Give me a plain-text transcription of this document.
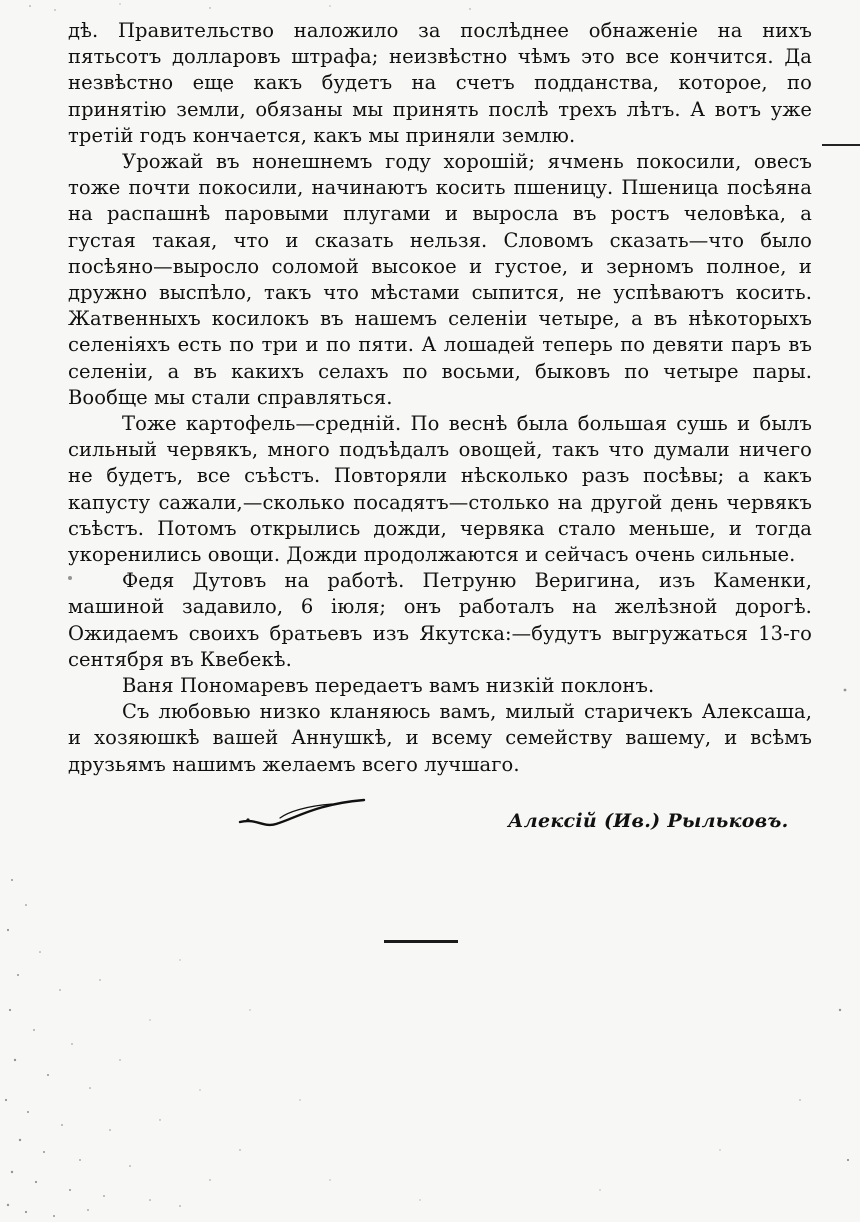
дѣ. Правительство наложило за послѣднее обнаженіе на нихъ пятьсотъ долларовъ штрафа; неизвѣстно чѣмъ это все кончится. Да незвѣстно еще какъ будетъ на счетъ подданства, которое, по принятію земли, обязаны мы принять послѣ трехъ лѣтъ. А вотъ уже третій годъ кончается, какъ мы приняли землю.

Урожай въ нонешнемъ году хорошій; ячмень покосили, овесъ тоже почти покосили, начинаютъ косить пшеницу. Пшеница посѣяна на распашнѣ паровыми плугами и выросла въ ростъ человѣка, а густая такая, что и сказать нельзя. Словомъ сказать—что было посѣяно—выросло соломой высокое и густое, и зерномъ полное, и дружно выспѣло, такъ что мѣстами сыпится, не успѣваютъ косить. Жатвенныхъ косилокъ въ нашемъ селеніи четыре, а въ нѣкоторыхъ селеніяхъ есть по три и по пяти. А лошадей теперь по девяти паръ въ селеніи, а въ какихъ селахъ по восьми, быковъ по четыре пары. Вообще мы стали справляться.

Тоже картофель—средній. По веснѣ была большая сушь и былъ сильный червякъ, много подъѣдалъ овощей, такъ что думали ничего не будетъ, все съѣстъ. Повторяли нѣсколько разъ посѣвы; а какъ капусту сажали,—сколько посадятъ—столько на другой день червякъ съѣстъ. Потомъ открылись дожди, червяка стало меньше, и тогда укоренились овощи. Дожди продолжаются и сейчасъ очень сильные.

Федя Дутовъ на работѣ. Петруню Веригина, изъ Каменки, машиной задавило, 6 іюля; онъ работалъ на желѣзной дорогѣ. Ожидаемъ своихъ братьевъ изъ Якутска:—будутъ выгружаться 13-го сентября въ Квебекѣ.

Ваня Пономаревъ передаетъ вамъ низкій поклонъ.

Съ любовью низко кланяюсь вамъ, милый старичекъ Алексаша, и хозяюшкѣ вашей Аннушкѣ, и всему семейству вашему, и всѣмъ друзьямъ нашимъ желаемъ всего лучшаго.

Алексій (Ив.) Рыльковъ.
